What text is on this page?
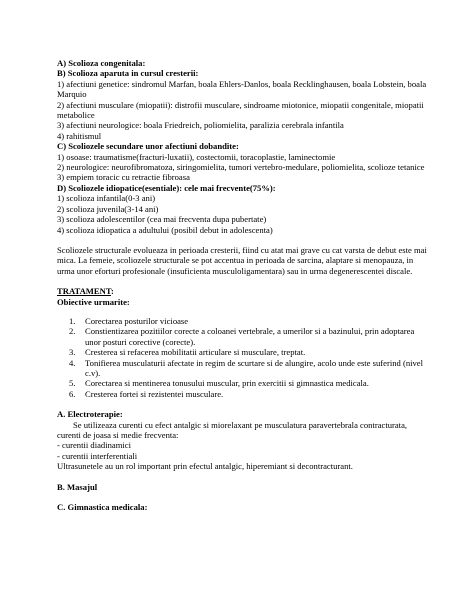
A) Scolioza congenitala:
B) Scolioza aparuta in cursul cresterii:
1) afectiuni genetice: sindromul Marfan, boala Ehlers-Danlos, boala Recklinghausen, boala Lobstein, boala Marquio
2) afectiuni musculare (miopatii): distrofii musculare, sindroame miotonice, miopatii congenitale, miopatii metabolice
3) afectiuni neurologice: boala Friedreich, poliomielita, paralizia cerebrala infantila
4) rahitismul
C) Scoliozele secundare unor afectiuni dobandite:
1) osoase: traumatisme(fracturi-luxatii), costectomii, toracoplastie, laminectomie
2) neurologice: neurofibromatoza, siringomielita, tumori vertebro-medulare, poliomielita, scolioze tetanice
3) empiem toracic cu retractie fibroasa
D) Scoliozele idiopatice(esentiale): cele mai frecvente(75%):
1) scolioza infantila(0-3 ani)
2) scolioza juvenila(3-14 ani)
3) scolioza adolescentilor (cea mai frecventa dupa pubertate)
4) scolioza idiopatica a adultului (posibil debut in adolescenta)
Scoliozele structurale evolueaza in perioada cresterii, fiind cu atat mai grave cu cat varsta de debut este mai mica. La femeie, scoliozele structurale se pot accentua in perioada de sarcina, alaptare si menopauza, in urma unor eforturi profesionale (insuficienta musculoligamentara) sau in urma degenerescentei discale.
TRATAMENT:
Obiective urmarite:
1. Corectarea posturilor vicioase
2. Constientizarea pozitiilor corecte a coloanei vertebrale, a umerilor si a bazinului, prin adoptarea unor posturi corective (corecte).
3. Cresterea si refacerea mobilitatii articulare si musculare, treptat.
4. Tonifierea musculaturii afectate in regim de scurtare si de alungire, acolo unde este suferind (nivel c.v).
5. Corectarea si mentinerea tonusului muscular, prin exercitii si gimnastica medicala.
6. Cresterea fortei si rezistentei musculare.
A. Electroterapie:
Se utilizeaza curenti cu efect antalgic si miorelaxant pe musculatura paravertebrala contracturata, curenti de joasa si medie frecventa:
- curentii diadinamici
- curentii interferentiali
Ultrasunetele au un rol important prin efectul antalgic, hiperemiant si decontracturant.
B. Masajul
C. Gimnastica medicala:
